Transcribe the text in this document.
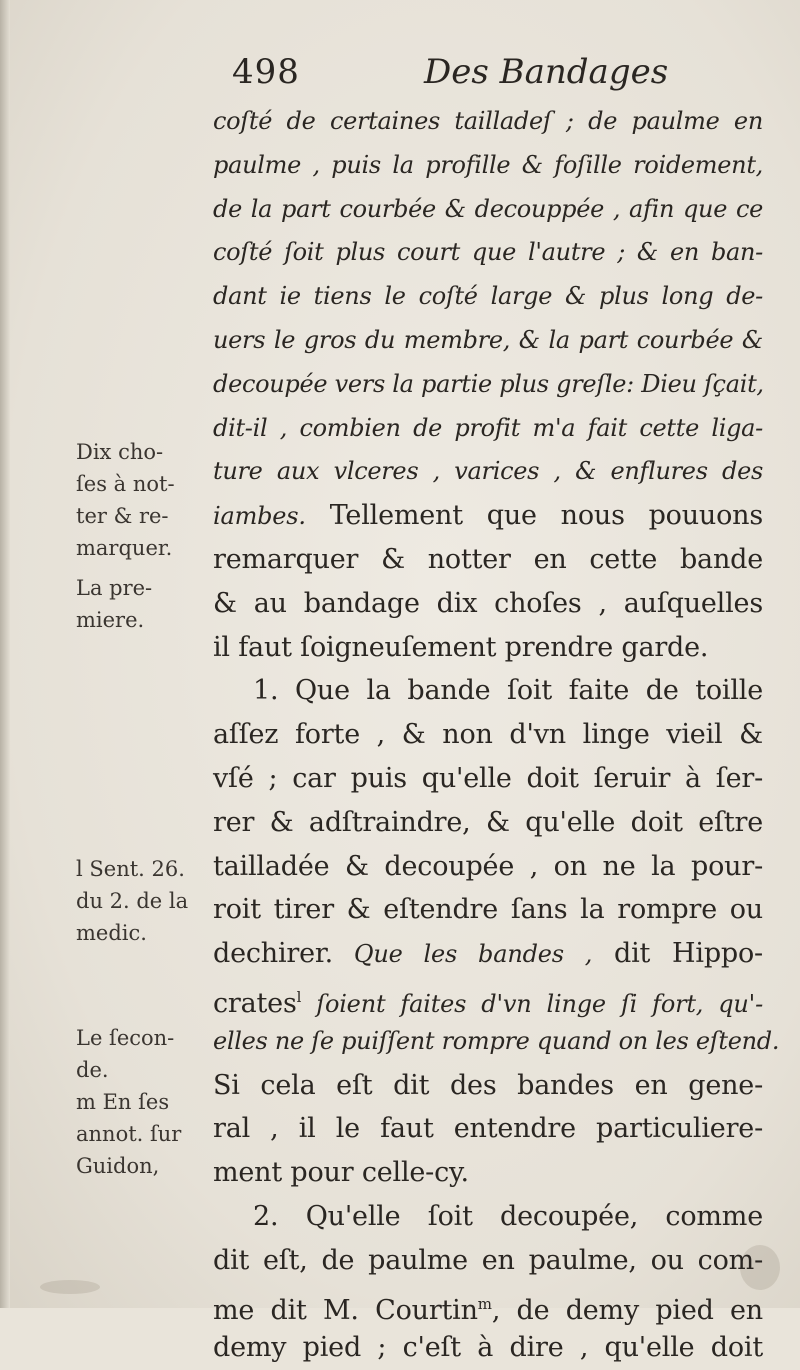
498	Des Bandages
coſté de certaines tailladeſ ; de paulme en
paulme , puis la profille & foſille roidement,
de la part courbée & decouppée , afin que ce
coſté ſoit plus court que l'autre ; & en ban-
dant ie tiens le coſté large & plus long de-
uers le gros du membre, & la part courbée &
decoupée vers la partie plus greſle: Dieu ſçait,
dit-il , combien de profit m'a fait cette liga-
ture aux vlceres , varices , & enflures des
iambes. Tellement que nous pouuons
remarquer & notter en cette bande
& au bandage dix choſes , auſquelles
il faut ſoigneuſement prendre garde.
1. Que la bande ſoit faite de toille
aſſez forte , & non d'vn linge vieil &
vſé ; car puis qu'elle doit ſeruir à ſer-
rer & adſtraindre, & qu'elle doit eſtre
tailladée & decoupée , on ne la pour-
roit tirer & eſtendre ſans la rompre ou
dechirer. Que les bandes , dit Hippo-
crates$^l$ ſoient faites d'vn linge ſi fort, qu'-
elles ne ſe puiſſent rompre quand on les eſtend.
Si cela eſt dit des bandes en gene-
ral , il le faut entendre particuliere-
ment pour celle-cy.
2. Qu'elle ſoit decoupée, comme
dit eſt, de paulme en paulme, ou com-
me dit M. Courtin$^m$, de demy pied en
demy pied ; c'eſt à dire , qu'elle doit
Dix cho-
ſes à not-
ter & re-
marquer.
La pre-
miere.
l Sent. 26.
du 2. de la
medic.
Le ſecon-
de.
m En ſes
annot. ſur
Guidon,
